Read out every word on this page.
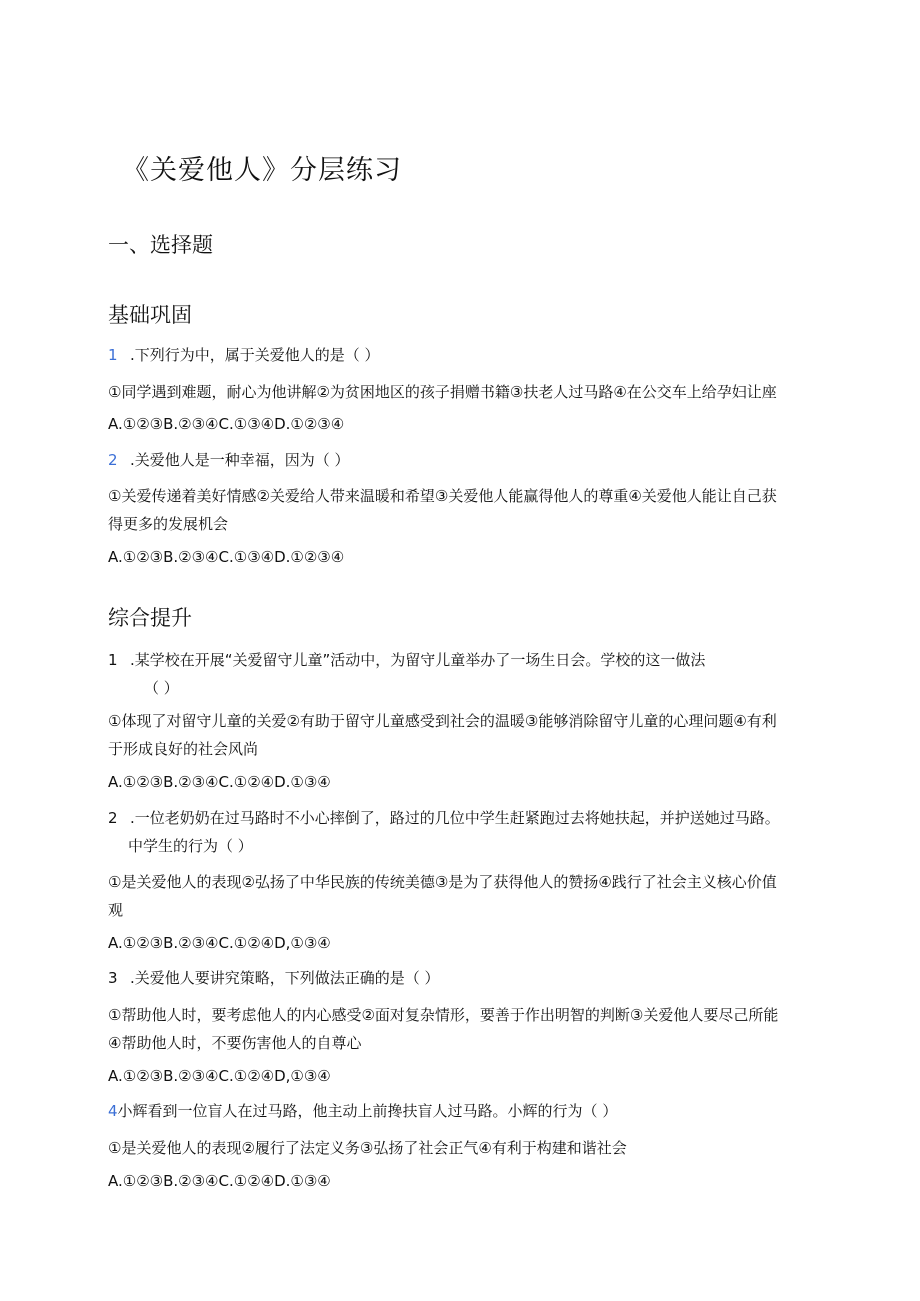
《关爱他人》分层练习
一、选择题
基础巩固
1 .下列行为中，属于关爱他人的是（ ）
①同学遇到难题，耐心为他讲解②为贫困地区的孩子捐赠书籍③扶老人过马路④在公交车上给孕妇让座
A.①②③B.②③④C.①③④D.①②③④
2 .关爱他人是一种幸福，因为（ ）
①关爱传递着美好情感②关爱给人带来温暖和希望③关爱他人能赢得他人的尊重④关爱他人能让自己获
得更多的发展机会
A.①②③B.②③④C.①③④D.①②③④
综合提升
1 .某学校在开展“关爱留守儿童”活动中，为留守儿童举办了一场生日会。学校的这一做法
（ ）
①体现了对留守儿童的关爱②有助于留守儿童感受到社会的温暖③能够消除留守儿童的心理问题④有利
于形成良好的社会风尚
A.①②③B.②③④C.①②④D.①③④
2 .一位老奶奶在过马路时不小心摔倒了，路过的几位中学生赶紧跑过去将她扶起，并护送她过马路。
中学生的行为（ ）
①是关爱他人的表现②弘扬了中华民族的传统美德③是为了获得他人的赞扬④践行了社会主义核心价值
观
A.①②③B.②③④C.①②④D,①③④
3 .关爱他人要讲究策略，下列做法正确的是（ ）
①帮助他人时，要考虑他人的内心感受②面对复杂情形，要善于作出明智的判断③关爱他人要尽己所能
④帮助他人时，不要伤害他人的自尊心
A.①②③B.②③④C.①②④D,①③④
4小辉看到一位盲人在过马路，他主动上前搀扶盲人过马路。小辉的行为（ ）
①是关爱他人的表现②履行了法定义务③弘扬了社会正气④有利于构建和谐社会
A.①②③B.②③④C.①②④D.①③④
